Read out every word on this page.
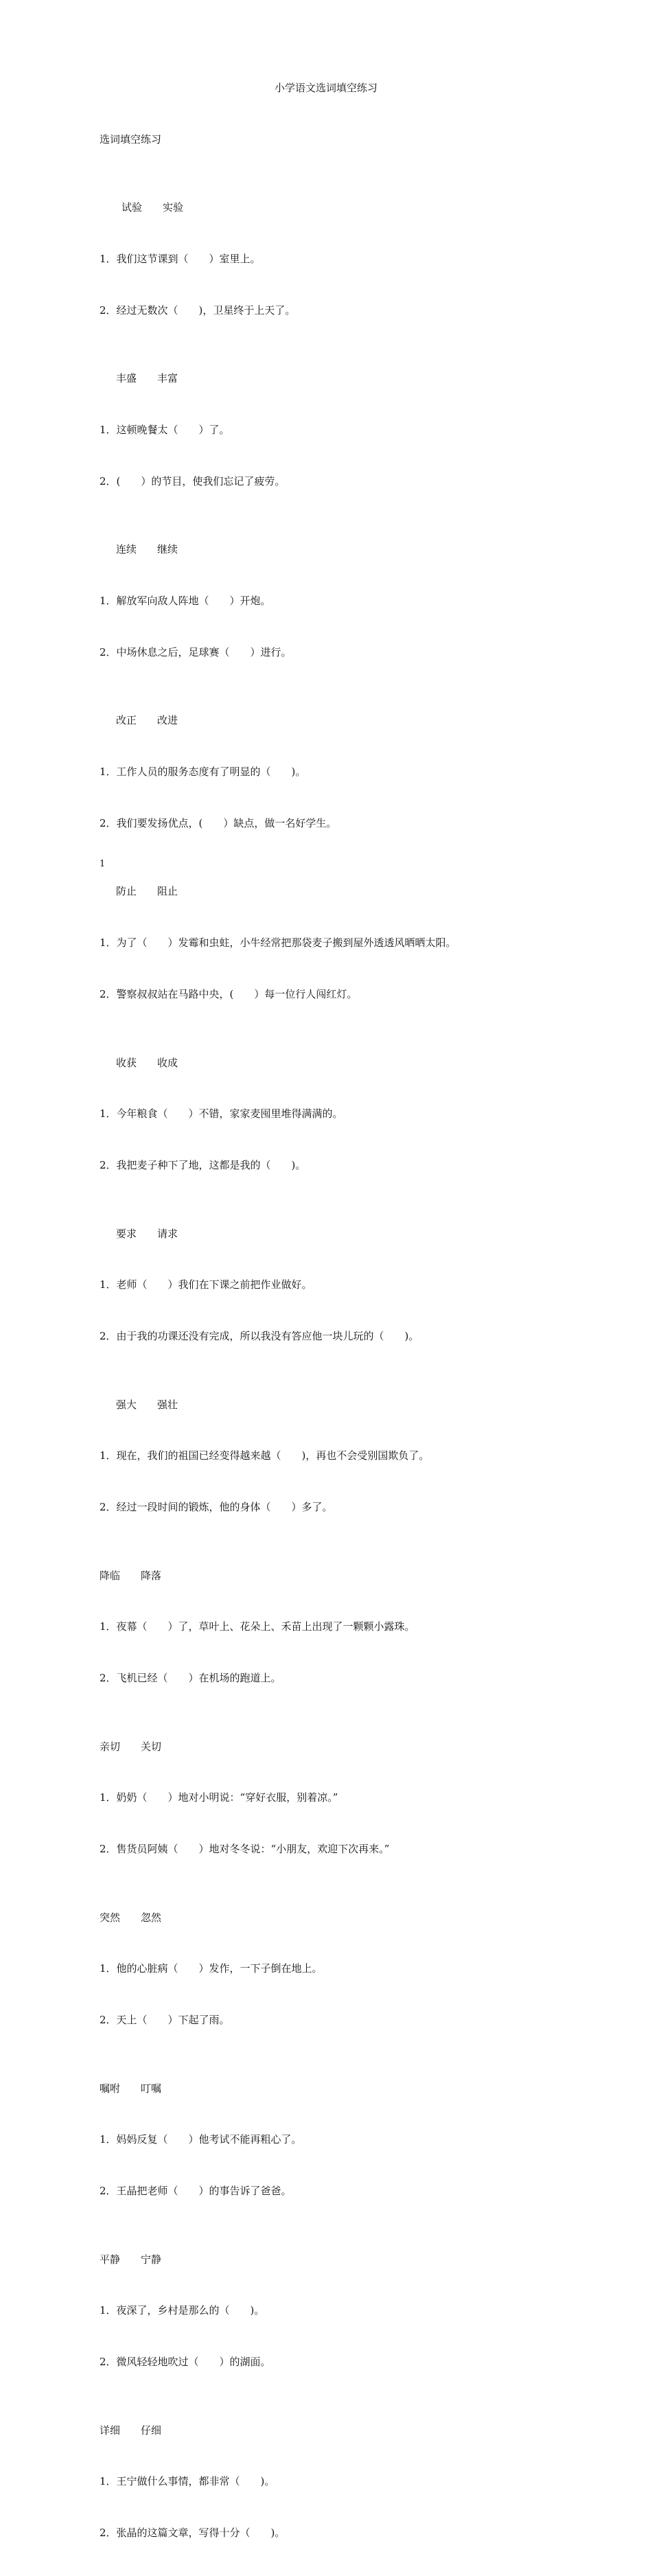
小学语文选词填空练习

选词填空练习

试验　　实验

1．我们这节课到（　　）室里上。

2．经过无数次（　　)，卫星终于上天了。

丰盛　　丰富

1．这顿晚餐太（　　）了。

2．(　　）的节目，使我们忘记了疲劳。

连续　　继续

1．解放军向敌人阵地（　　）开炮。

2．中场休息之后，足球赛（　　）进行。

改正　　改进

1．工作人员的服务态度有了明显的（　　)。

2．我们要发扬优点，(　　）缺点，做一名好学生。

防止　　阻止

1．为了（　　）发霉和虫蛀，小牛经常把那袋麦子搬到屋外透透风晒晒太阳。

2．警察叔叔站在马路中央，(　　）每一位行人闯红灯。

收获　　收成

1．今年粮食（　　）不错，家家麦囤里堆得满满的。

2．我把麦子种下了地，这都是我的（　　)。

要求　　请求

1．老师（　　）我们在下课之前把作业做好。

2．由于我的功课还没有完成，所以我没有答应他一块儿玩的（　　)。

强大　　强壮

1．现在，我们的祖国已经变得越来越（　　)，再也不会受别国欺负了。

2．经过一段时间的锻炼，他的身体（　　）多了。

降临　　降落

1．夜幕（　　）了，草叶上、花朵上、禾苗上出现了一颗颗小露珠。

2．飞机已经（　　）在机场的跑道上。

亲切　　关切

1．奶奶（　　）地对小明说：“穿好衣服，别着凉。”

2．售货员阿姨（　　）地对冬冬说：“小朋友，欢迎下次再来。”

突然　　忽然

1．他的心脏病（　　）发作，一下子倒在地上。

2．天上（　　）下起了雨。

嘱咐　　叮嘱

1．妈妈反复（　　）他考试不能再粗心了。

2．王晶把老师（　　）的事告诉了爸爸。

平静　　宁静

1．夜深了，乡村是那么的（　　)。

2．微风轻轻地吹过（　　）的湖面。

详细　　仔细

1．王宁做什么事情，都非常（　　)。

2．张晶的这篇文章，写得十分（　　)。

1
